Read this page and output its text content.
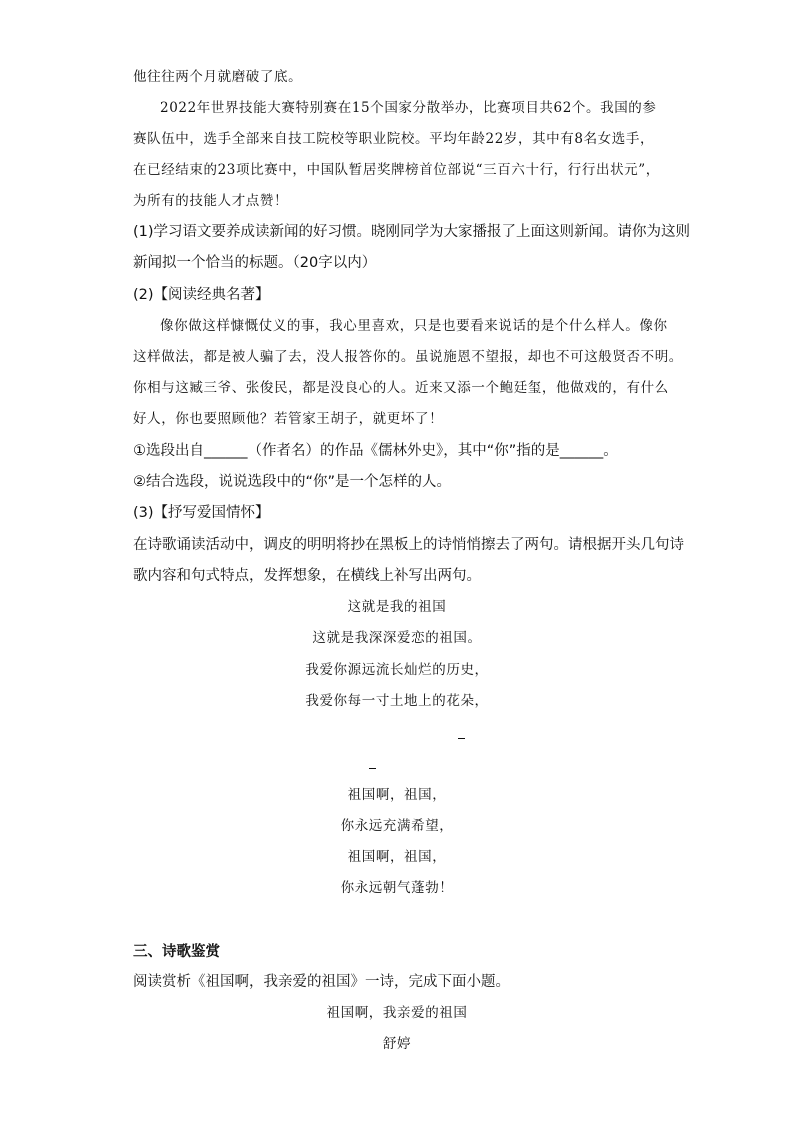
他往往两个月就磨破了底。
2022年世界技能大赛特别赛在15个国家分散举办，比赛项目共62个。我国的参
赛队伍中，选手全部来自技工院校等职业院校。平均年龄22岁，其中有8名女选手，
在已经结束的23项比赛中，中国队暂居奖牌榜首位部说“三百六十行，行行出状元”，
为所有的技能人才点赞！
(1)学习语文要养成读新闻的好习惯。晓刚同学为大家播报了上面这则新闻。请你为这则
新闻拟一个恰当的标题。（20字以内）
(2)【阅读经典名著】
像你做这样慷慨仗义的事，我心里喜欢，只是也要看来说话的是个什么样人。像你
这样做法，都是被人骗了去，没人报答你的。虽说施恩不望报，却也不可这般贤否不明。
你相与这臧三爷、张俊民，都是没良心的人。近来又添一个鲍廷玺，他做戏的，有什么
好人，你也要照顾他？若管家王胡子，就更坏了！
①选段出自______（作者名）的作品《儒林外史》，其中“你”指的是______。
②结合选段，说说选段中的“你”是一个怎样的人。
(3)【抒写爱国情怀】
在诗歌诵读活动中，调皮的明明将抄在黑板上的诗悄悄擦去了两句。请根据开头几句诗
歌内容和句式特点，发挥想象，在横线上补写出两句。
这就是我的祖国
这就是我深深爱恋的祖国。
我爱你源远流长灿烂的历史，
我爱你每一寸土地上的花朵，
祖国啊，祖国，
你永远充满希望，
祖国啊，祖国，
你永远朝气蓬勃！
三、诗歌鉴赏
阅读赏析《祖国啊，我亲爱的祖国》一诗，完成下面小题。
祖国啊，我亲爱的祖国
舒婷
